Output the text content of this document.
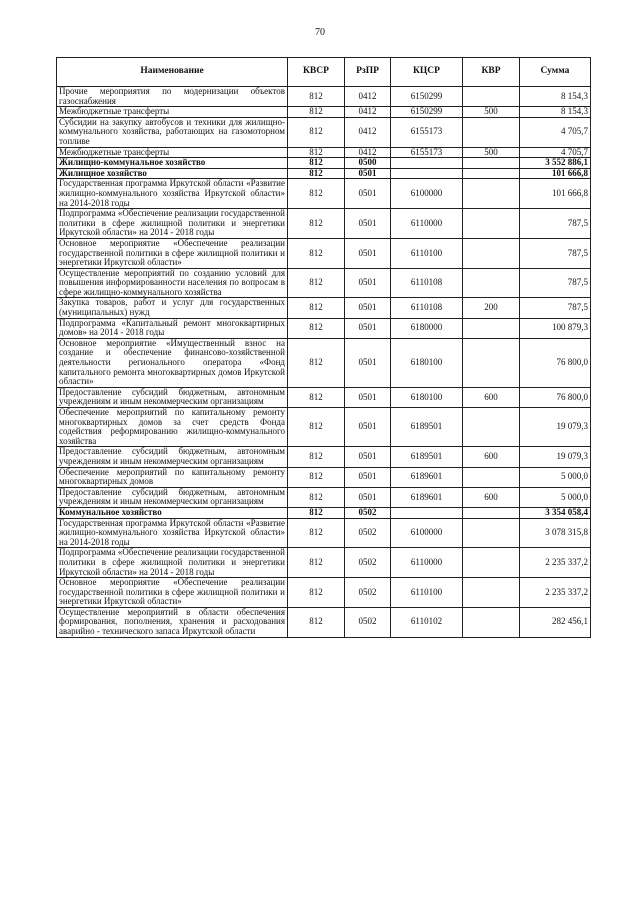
70
Наименование	КВСР	РзПР	КЦСР	КВР	Сумма
Прочие мероприятия по модернизации объектов газоснабжения	812	0412	6150299		8 154,3
Межбюджетные трансферты	812	0412	6150299	500	8 154,3
Субсидии на закупку автобусов и техники для жилищно-коммунального хозяйства, работающих на газомоторном топливе	812	0412	6155173		4 705,7
Межбюджетные трансферты	812	0412	6155173	500	4 705,7
Жилищно-коммунальное хозяйство	812	0500			3 552 886,1
Жилищное хозяйство	812	0501			101 666,8
Государственная программа Иркутской области «Развитие жилищно-коммунального хозяйства Иркутской области» на 2014-2018 годы	812	0501	6100000		101 666,8
Подпрограмма «Обеспечение реализации государственной политики в сфере жилищной политики и энергетики Иркутской области» на 2014 - 2018 годы	812	0501	6110000		787,5
Основное мероприятие «Обеспечение реализации государственной политики в сфере жилищной политики и энергетики Иркутской области»	812	0501	6110100		787,5
Осуществление мероприятий по созданию условий для повышения информированности населения по вопросам в сфере жилищно-коммунального хозяйства	812	0501	6110108		787,5
Закупка товаров, работ и услуг для государственных (муниципальных) нужд	812	0501	6110108	200	787,5
Подпрограмма «Капитальный ремонт многоквартирных домов» на 2014 - 2018 годы	812	0501	6180000		100 879,3
Основное мероприятие «Имущественный взнос на создание и обеспечение финансово-хозяйственной деятельности регионального оператора «Фонд капитального ремонта многоквартирных домов Иркутской области»	812	0501	6180100		76 800,0
Предоставление субсидий бюджетным, автономным учреждениям и иным некоммерческим организациям	812	0501	6180100	600	76 800,0
Обеспечение мероприятий по капитальному ремонту многоквартирных домов за счет средств Фонда содействия реформированию жилищно-коммунального хозяйства	812	0501	6189501		19 079,3
Предоставление субсидий бюджетным, автономным учреждениям и иным некоммерческим организациям	812	0501	6189501	600	19 079,3
Обеспечение мероприятий по капитальному ремонту многоквартирных домов	812	0501	6189601		5 000,0
Предоставление субсидий бюджетным, автономным учреждениям и иным некоммерческим организациям	812	0501	6189601	600	5 000,0
Коммунальное хозяйство	812	0502			3 354 058,4
Государственная программа Иркутской области «Развитие жилищно-коммунального хозяйства Иркутской области» на 2014-2018 годы	812	0502	6100000		3 078 315,8
Подпрограмма «Обеспечение реализации государственной политики в сфере жилищной политики и энергетики Иркутской области» на 2014 - 2018 годы	812	0502	6110000		2 235 337,2
Основное мероприятие «Обеспечение реализации государственной политики в сфере жилищной политики и энергетики Иркутской области»	812	0502	6110100		2 235 337,2
Осуществление мероприятий в области обеспечения формирования, пополнения, хранения и расходования аварийно - технического запаса Иркутской области	812	0502	6110102		282 456,1
